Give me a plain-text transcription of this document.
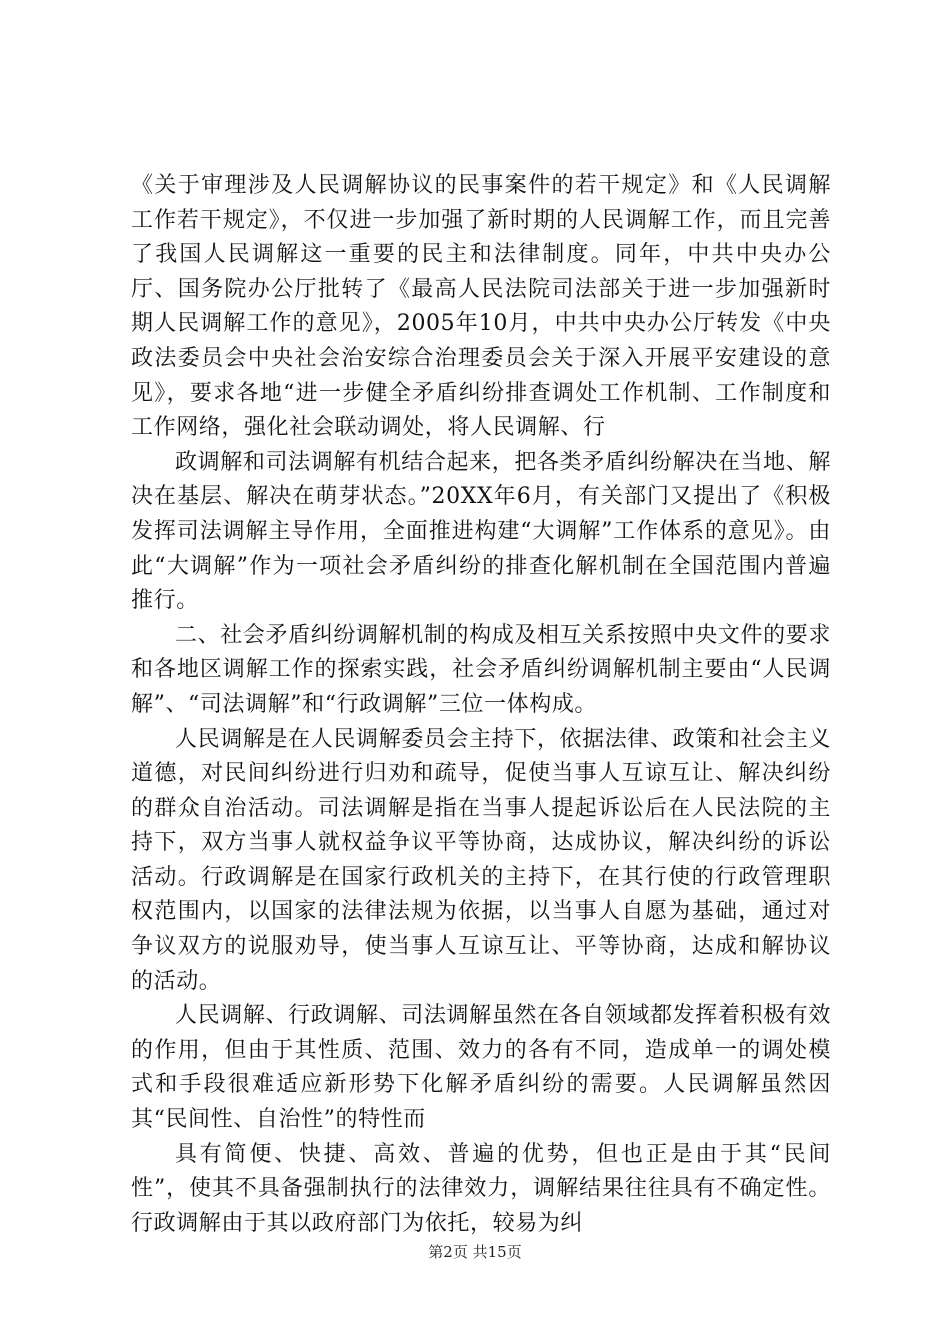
《关于审理涉及人民调解协议的民事案件的若干规定》和《人民调解工作若干规定》，不仅进一步加强了新时期的人民调解工作，而且完善了我国人民调解这一重要的民主和法律制度。同年，中共中央办公厅、国务院办公厅批转了《最高人民法院司法部关于进一步加强新时期人民调解工作的意见》，2005年10月，中共中央办公厅转发《中央政法委员会中央社会治安综合治理委员会关于深入开展平安建设的意见》，要求各地“进一步健全矛盾纠纷排查调处工作机制、工作制度和工作网络，强化社会联动调处，将人民调解、行

政调解和司法调解有机结合起来，把各类矛盾纠纷解决在当地、解决在基层、解决在萌芽状态。”20XX年6月，有关部门又提出了《积极发挥司法调解主导作用，全面推进构建“大调解”工作体系的意见》。由此“大调解”作为一项社会矛盾纠纷的排查化解机制在全国范围内普遍推行。

二、社会矛盾纠纷调解机制的构成及相互关系按照中央文件的要求和各地区调解工作的探索实践，社会矛盾纠纷调解机制主要由“人民调解”、“司法调解”和“行政调解”三位一体构成。

人民调解是在人民调解委员会主持下，依据法律、政策和社会主义道德，对民间纠纷进行归劝和疏导，促使当事人互谅互让、解决纠纷的群众自治活动。司法调解是指在当事人提起诉讼后在人民法院的主持下，双方当事人就权益争议平等协商，达成协议，解决纠纷的诉讼活动。行政调解是在国家行政机关的主持下，在其行使的行政管理职权范围内，以国家的法律法规为依据，以当事人自愿为基础，通过对争议双方的说服劝导，使当事人互谅互让、平等协商，达成和解协议的活动。

人民调解、行政调解、司法调解虽然在各自领域都发挥着积极有效的作用，但由于其性质、范围、效力的各有不同，造成单一的调处模式和手段很难适应新形势下化解矛盾纠纷的需要。人民调解虽然因其“民间性、自治性”的特性而

具有简便、快捷、高效、普遍的优势，但也正是由于其“民间性”，使其不具备强制执行的法律效力，调解结果往往具有不确定性。行政调解由于其以政府部门为依托，较易为纠

第2页 共15页
